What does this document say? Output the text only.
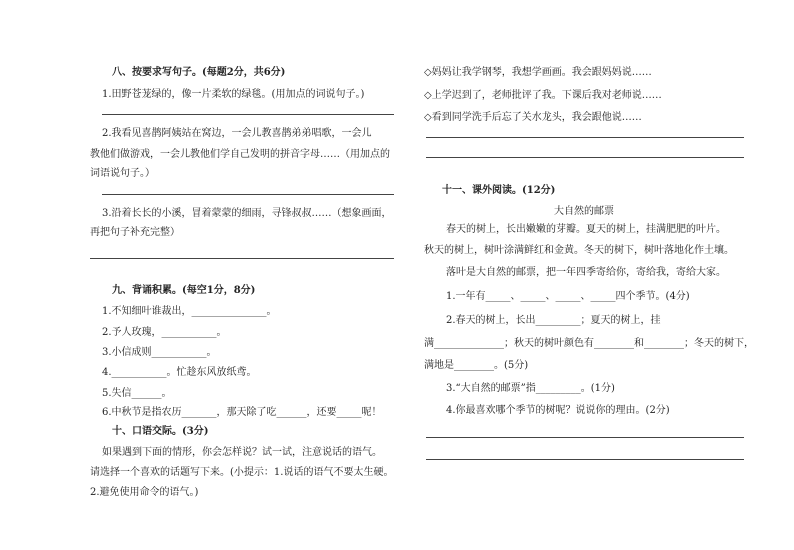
八、按要求写句子。(每题2分，共6分)
1.田野苍茏绿的，像一片柔软的绿毯。(用加点的词说句子。)
2.我看见喜鹊阿姨站在窝边，一会儿教喜鹊弟弟唱歌，一会儿
教他们做游戏，一会儿教他们学自己发明的拼音字母……（用加点的
词语说句子。）
3.沿着长长的小溪，冒着蒙蒙的细雨，寻锋叔叔……（想象画面，
再把句子补充完整）
九、背诵积累。(每空1分，8分)
1.不知细叶谁裁出，_______________。
2.予人玫瑰，___________。
3.小信成则___________。
4.___________。忙趁东风放纸鸢。
5.失信______。
6.中秋节是指农历_______，那天除了吃______，还要_____呢！
十、口语交际。(3分)
如果遇到下面的情形，你会怎样说？试一试，注意说话的语气。
请选择一个喜欢的话题写下来。(小提示：1.说话的语气不要太生硬。
2.避免使用命令的语气。)
◇妈妈让我学钢琴，我想学画画。我会跟妈妈说……
◇上学迟到了，老师批评了我。下课后我对老师说……
◇看到同学洗手后忘了关水龙头，我会跟他说……
十一、课外阅读。(12分)
大自然的邮票
春天的树上，长出嫩嫩的芽瓣。夏天的树上，挂满肥肥的叶片。
秋天的树上，树叶涂满鲜红和金黄。冬天的树下，树叶落地化作土壤。
落叶是大自然的邮票，把一年四季寄给你，寄给我，寄给大家。
1.一年有_____、_____、_____、_____四个季节。(4分)
2.春天的树上，长出_________；夏天的树上，挂
满______________；秋天的树叶颜色有________和________；冬天的树下，
满地是________。(5分)
3.“大自然的邮票”指_________。(1分)
4.你最喜欢哪个季节的树呢？说说你的理由。(2分)
